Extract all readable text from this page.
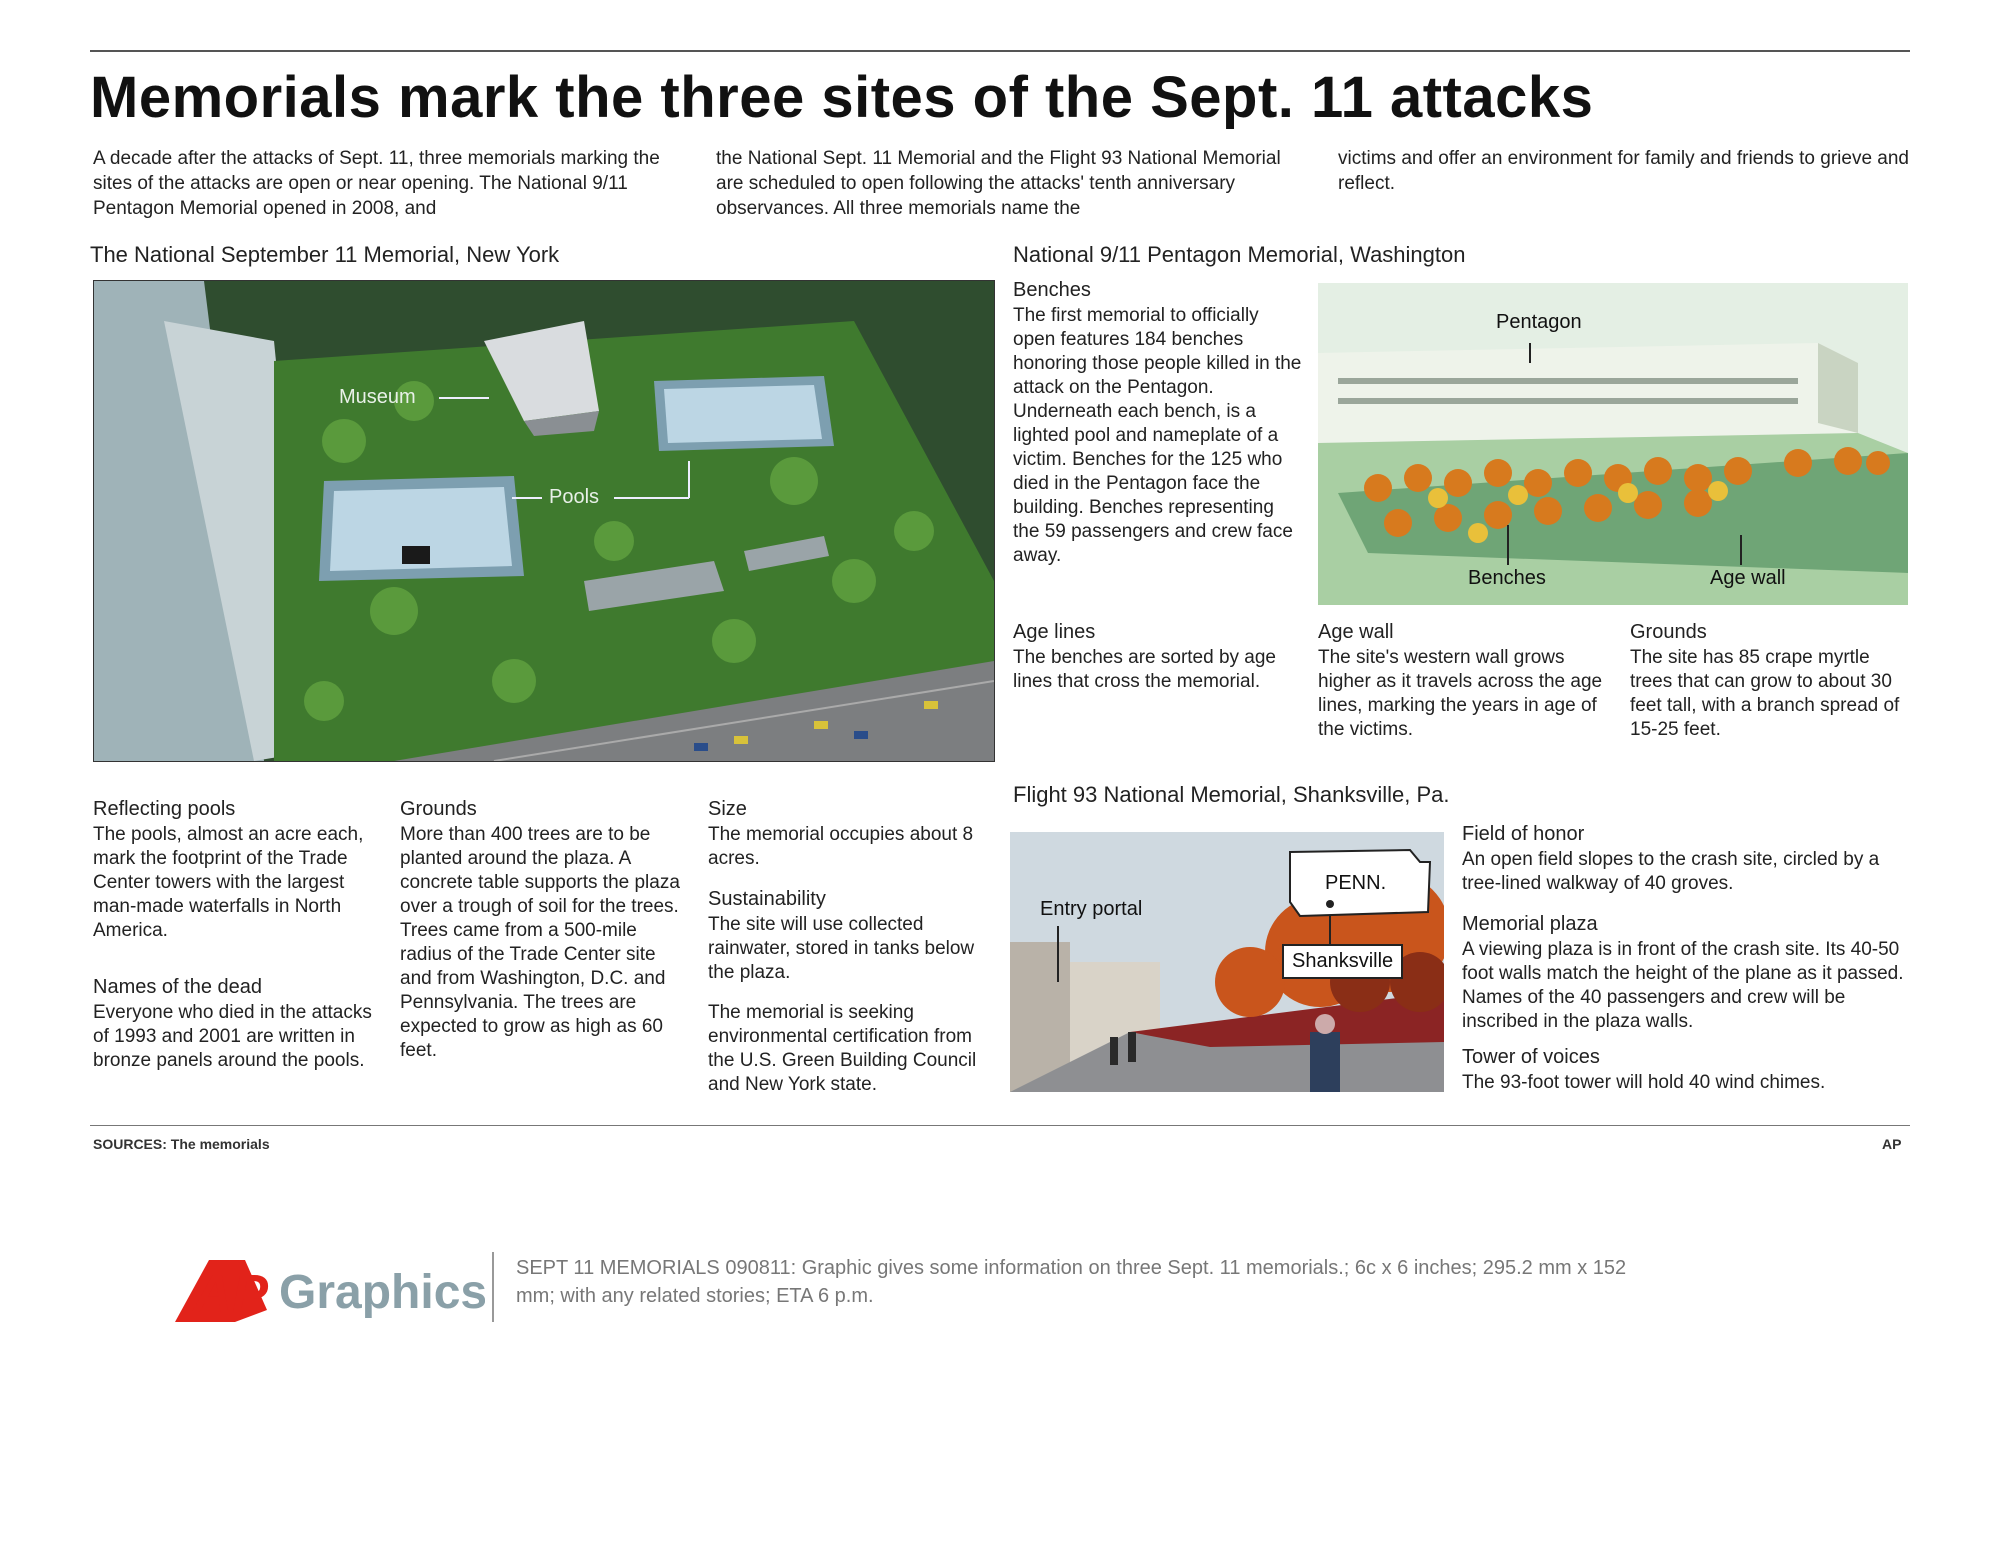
Memorials mark the three sites of the Sept. 11 attacks
A decade after the attacks of Sept. 11, three memorials marking the sites of the attacks are open or near opening. The National 9/11 Pentagon Memorial opened in 2008, and
the National Sept. 11 Memorial and the Flight 93 National Memorial are scheduled to open following the attacks' tenth anniversary observances. All three memorials name the
victims and offer an environment for family and friends to grieve and reflect.
The National September 11 Memorial, New York
Museum
Pools
Reflecting pools
The pools, almost an acre each, mark the footprint of the Trade Center towers with the largest man-made waterfalls in North America.
Names of the dead
Everyone who died in the attacks of 1993 and 2001 are written in bronze panels around the pools.
Grounds
More than 400 trees are to be planted around the plaza. A concrete table supports the plaza over a trough of soil for the trees. Trees came from a 500-mile radius of the Trade Center site and from Washington, D.C. and Pennsylvania. The trees are expected to grow as high as 60 feet.
Size
The memorial occupies about 8 acres.
Sustainability
The site will use collected rainwater, stored in tanks below the plaza.
The memorial is seeking environmental certification from the U.S. Green Building Council and New York state.
National 9/11 Pentagon Memorial, Washington
Benches
The first memorial to officially open features 184 benches honoring those people killed in the attack on the Pentagon. Underneath each bench, is a lighted pool and nameplate of a victim. Benches for the 125 who died in the Pentagon face the building. Benches representing the 59 passengers and crew face away.
Pentagon
Benches	Age wall
Age lines
The benches are sorted by age lines that cross the memorial.
Age wall
The site's western wall grows higher as it travels across the age lines, marking the years in age of the victims.
Grounds
The site has 85 crape myrtle trees that can grow to about 30 feet tall, with a branch spread of 15-25 feet.
Flight 93 National Memorial, Shanksville, Pa.
Entry portal
PENN.
Shanksville
Field of honor
An open field slopes to the crash site, circled by a tree-lined walkway of 40 groves.
Memorial plaza
A viewing plaza is in front of the crash site. Its 40-50 foot walls match the height of the plane as it passed. Names of the 40 passengers and crew will be inscribed in the plaza walls.
Tower of voices
The 93-foot tower will hold 40 wind chimes.
SOURCES: The memorials	AP
AP Graphics SEPT 11 MEMORIALS 090811: Graphic gives some information on three Sept. 11 memorials.; 6c x 6 inches; 295.2 mm x 152 mm; with any related stories; ETA 6 p.m.
